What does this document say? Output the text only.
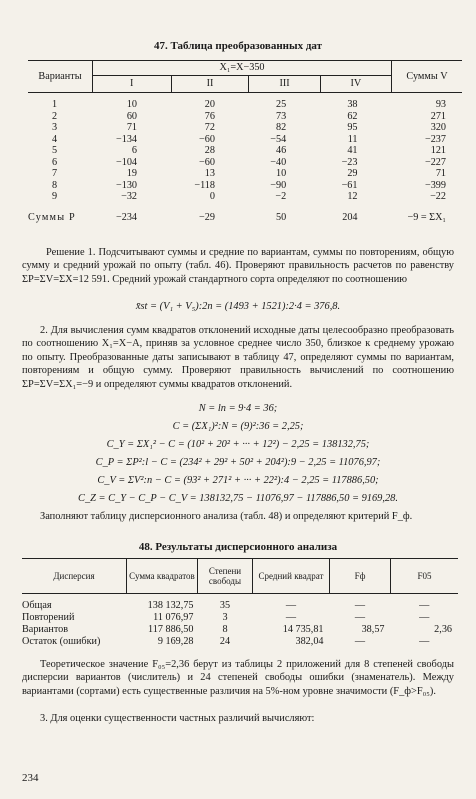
47. Таблица преобразованных дат
Варианты	X₁=X−350				Суммы V
	I	II	III	IV	

1	10	20	25	38	93
2	60	76	73	62	271
3	71	72	82	95	320
4	−134	−60	−54	11	−237
5	6	28	46	41	121
6	−104	−60	−40	−23	−227
7	19	13	10	29	71
8	−130	−118	−90	−61	−399
9	−32	0	−2	12	−22

Суммы P	−234	−29	50	204	−9 = ΣX₁
Решение 1. Подсчитывают суммы и средние по вариантам, суммы по повторениям, общую сумму и средний урожай по опыту (табл. 46). Проверяют правильность расчетов по равенству ΣP=ΣV=ΣX=12 591. Средний урожай стандартного сорта определяют по соотношению
x̄st = (V₁ + V₅):2n = (1493 + 1521):2·4 = 376,8.
2. Для вычисления сумм квадратов отклонений исходные даты целесообразно преобразовать по соотношению X₁=X−A, приняв за условное среднее число 350, близкое к среднему урожаю по опыту. Преобразованные даты записывают в таблицу 47, определяют суммы по вариантам, повторениям и общую сумму. Проверяют правильность вычислений по соотношению ΣP=ΣV=ΣX₁=−9 и определяют суммы квадратов отклонений.
N = ln = 9·4 = 36;
C = (ΣX₁)²:N = (9)²:36 = 2,25;
C_Y = ΣX₁² − C = (10² + 20² + ··· + 12²) − 2,25 = 138132,75;
C_P = ΣP²:l − C = (234² + 29² + 50² + 204²):9 − 2,25 = 11076,97;
C_V = ΣV²:n − C = (93² + 271² + ··· + 22²):4 − 2,25 = 117886,50;
C_Z = C_Y − C_P − C_V = 138132,75 − 11076,97 − 117886,50 = 9169,28.
Заполняют таблицу дисперсионного анализа (табл. 48) и определяют критерий F_ф.
48. Результаты дисперсионного анализа
Дисперсия	Сумма квадратов	Степени свободы	Средний квадрат	Fф	F05

Общая	138 132,75	35	—	—	—
Повторений	11 076,97	3	—	—	—
Вариантов	117 886,50	8	14 735,81	38,57	2,36
Остаток (ошибки)	9 169,28	24	382,04	—	—
Теоретическое значение F₀₅=2,36 берут из таблицы 2 приложений для 8 степеней свободы дисперсии вариантов (числитель) и 24 степеней свободы ошибки (знаменатель). Между вариантами (сортами) есть существенные различия на 5%-ном уровне значимости (F_ф>F₀₅).
3. Для оценки существенности частных различий вычисляют:
234
